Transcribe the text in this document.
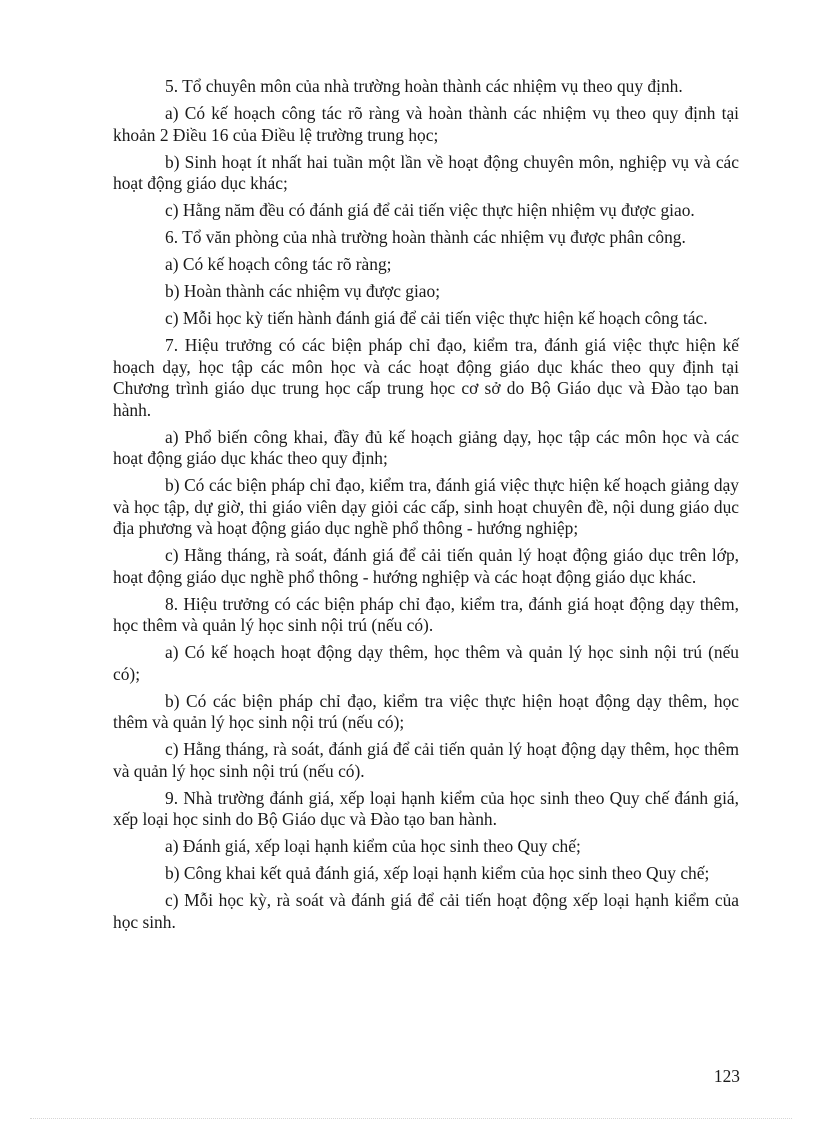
5. Tổ chuyên môn của nhà trường hoàn thành các nhiệm vụ theo quy định.

a) Có kế hoạch công tác rõ ràng và hoàn thành các nhiệm vụ theo quy định tại khoản 2 Điều 16 của Điều lệ trường trung học;

b) Sinh hoạt ít nhất hai tuần một lần về hoạt động chuyên môn, nghiệp vụ và các hoạt động giáo dục khác;

c) Hằng năm đều có đánh giá để cải tiến việc thực hiện nhiệm vụ được giao.

6. Tổ văn phòng của nhà trường hoàn thành các nhiệm vụ được phân công.

a) Có kế hoạch công tác rõ ràng;

b) Hoàn thành các nhiệm vụ được giao;

c) Mỗi học kỳ tiến hành đánh giá để cải tiến việc thực hiện kế hoạch công tác.

7. Hiệu trưởng có các biện pháp chỉ đạo, kiểm tra, đánh giá việc thực hiện kế hoạch dạy, học tập các môn học và các hoạt động giáo dục khác theo quy định tại Chương trình giáo dục trung học cấp trung học cơ sở do Bộ Giáo dục và Đào tạo ban hành.

a) Phổ biến công khai, đầy đủ kế hoạch giảng dạy, học tập các môn học và các hoạt động giáo dục khác theo quy định;

b) Có các biện pháp chỉ đạo, kiểm tra, đánh giá việc thực hiện kế hoạch giảng dạy và học tập, dự giờ, thi giáo viên dạy giỏi các cấp, sinh hoạt chuyên đề, nội dung giáo dục địa phương và hoạt động giáo dục nghề phổ thông - hướng nghiệp;

c) Hằng tháng, rà soát, đánh giá để cải tiến quản lý hoạt động giáo dục trên lớp, hoạt động giáo dục nghề phổ thông - hướng nghiệp và các hoạt động giáo dục khác.

8. Hiệu trưởng có các biện pháp chỉ đạo, kiểm tra, đánh giá hoạt động dạy thêm, học thêm và quản lý học sinh nội trú (nếu có).

a) Có kế hoạch hoạt động dạy thêm, học thêm và quản lý học sinh nội trú (nếu có);

b) Có các biện pháp chỉ đạo, kiểm tra việc thực hiện hoạt động dạy thêm, học thêm và quản lý học sinh nội trú (nếu có);

c) Hằng tháng, rà soát, đánh giá để cải tiến quản lý hoạt động dạy thêm, học thêm và quản lý học sinh nội trú (nếu có).

9. Nhà trường đánh giá, xếp loại hạnh kiểm của học sinh theo Quy chế đánh giá, xếp loại học sinh do Bộ Giáo dục và Đào tạo ban hành.

a) Đánh giá, xếp loại hạnh kiểm của học sinh theo Quy chế;

b) Công khai kết quả đánh giá, xếp loại hạnh kiểm của học sinh theo Quy chế;

c) Mỗi học kỳ, rà soát và đánh giá để cải tiến hoạt động xếp loại hạnh kiểm của học sinh.

123
